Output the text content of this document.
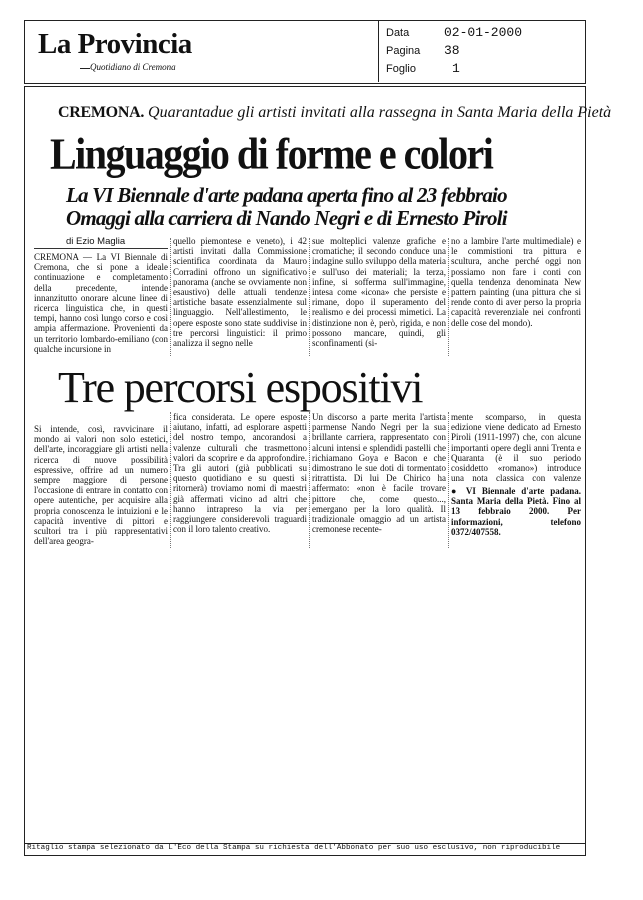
La Provincia
Quotidiano di Cremona
Data	02-01-2000
Pagina 38
Foglio	1
CREMONA. Quarantadue gli artisti invitati alla rassegna in Santa Maria della Pietà
Linguaggio di forme e colori
La VI Biennale d'arte padana aperta fino al 23 febbraio
Omaggi alla carriera di Nando Negri e di Ernesto Piroli
di Ezio Maglia
CREMONA — La VI Biennale di Cremona, che si pone a ideale continuazione e completamento della precedente, intende innanzitutto onorare alcune linee di ricerca linguistica che, in questi tempi, hanno così lungo corso e così ampia affermazione. Provenienti da un territorio lombardo-emiliano (con qualche incursione in
quello piemontese e veneto), i 42 artisti invitati dalla Commissione scientifica coordinata da Mauro Corradini offrono un significativo panorama (anche se ovviamente non esaustivo) delle attuali tendenze artistiche basate essenzialmente sul linguaggio. Nell'allestimento, le opere esposte sono state suddivise in tre percorsi linguistici: il primo analizza il segno nelle
sue molteplici valenze grafiche e cromatiche; il secondo conduce una indagine sullo sviluppo della materia e sull'uso dei materiali; la terza, infine, si sofferma sull'immagine, intesa come «icona» che persiste e rimane, dopo il superamento del realismo e dei processi mimetici. La distinzione non è, però, rigida, e non possono mancare, quindi, gli sconfinamenti (si-
no a lambire l'arte multimediale) e le commistioni tra pittura e scultura, anche perché oggi non possiamo non fare i conti con quella tendenza denominata New pattern painting (una pittura che si rende conto di aver perso la propria capacità reverenziale nei confronti delle cose del mondo).
Tre percorsi espositivi
Si intende, così, ravvicinare il mondo ai valori non solo estetici, dell'arte, incoraggiare gli artisti nella ricerca di nuove possibilità espressive, offrire ad un numero sempre maggiore di persone l'occasione di entrare in contatto con opere autentiche, per acquisire alla propria conoscenza le intuizioni e le capacità inventive di pittori e scultori tra i più rappresentativi dell'area geogra-
fica considerata. Le opere esposte aiutano, infatti, ad esplorare aspetti del nostro tempo, ancorandosi a valenze culturali che trasmettono valori da scoprire e da approfondire. Tra gli autori (già pubblicati su questo quotidiano e su questi si ritornerà) troviamo nomi di maestri già affermati vicino ad altri che hanno intrapreso la via per raggiungere considerevoli traguardi con il loro talento creativo.
Un discorso a parte merita l'artista parmense Nando Negri per la sua brillante carriera, rappresentato con alcuni intensi e splendidi pastelli che richiamano Goya e Bacon e che dimostrano le sue doti di tormentato ritrattista. Di lui De Chirico ha affermato: «non è facile trovare pittore che, come questo..., emergano per la loro qualità. Il tradizionale omaggio ad un artista cremonese recente-
mente scomparso, in questa edizione viene dedicato ad Ernesto Piroli (1911-1997) che, con alcune importanti opere degli anni Trenta e Quaranta (è il suo periodo cosiddetto «romano») introduce una nota classica con valenze
● VI Biennale d'arte padana. Santa Maria della Pietà. Fino al 13 febbraio 2000. Per informazioni, telefono 0372/407558.
Ritaglio stampa selezionato da L'Eco della Stampa su richiesta dell'Abbonato per suo uso esclusivo, non riproducibile
